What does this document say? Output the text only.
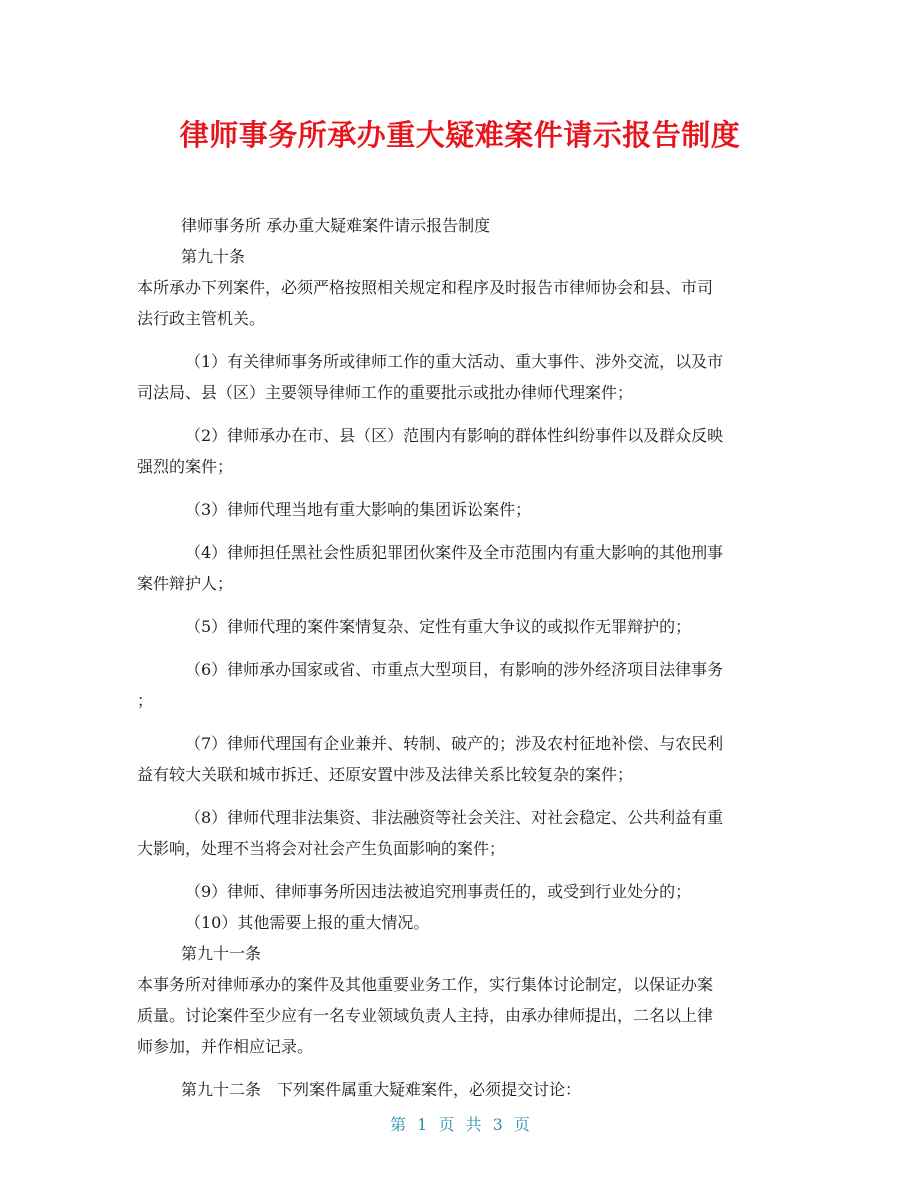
律师事务所承办重大疑难案件请示报告制度

律师事务所 承办重大疑难案件请示报告制度

第九十条

本所承办下列案件，必须严格按照相关规定和程序及时报告市律师协会和县、市司
法行政主管机关。

（1）有关律师事务所或律师工作的重大活动、重大事件、涉外交流，以及市
司法局、县（区）主要领导律师工作的重要批示或批办律师代理案件；

（2）律师承办在市、县（区）范围内有影响的群体性纠纷事件以及群众反映
强烈的案件；

（3）律师代理当地有重大影响的集团诉讼案件；

（4）律师担任黑社会性质犯罪团伙案件及全市范围内有重大影响的其他刑事
案件辩护人；

（5）律师代理的案件案情复杂、定性有重大争议的或拟作无罪辩护的；

（6）律师承办国家或省、市重点大型项目，有影响的涉外经济项目法律事务
；

（7）律师代理国有企业兼并、转制、破产的；涉及农村征地补偿、与农民利
益有较大关联和城市拆迁、还原安置中涉及法律关系比较复杂的案件；

（8）律师代理非法集资、非法融资等社会关注、对社会稳定、公共利益有重
大影响，处理不当将会对社会产生负面影响的案件；

（9）律师、律师事务所因违法被追究刑事责任的，或受到行业处分的；

（10）其他需要上报的重大情况。

第九十一条

本事务所对律师承办的案件及其他重要业务工作，实行集体讨论制定，以保证办案
质量。讨论案件至少应有一名专业领域负责人主持，由承办律师提出，二名以上律
师参加，并作相应记录。

第九十二条　下列案件属重大疑难案件，必须提交讨论：

第 1 页 共 3 页
